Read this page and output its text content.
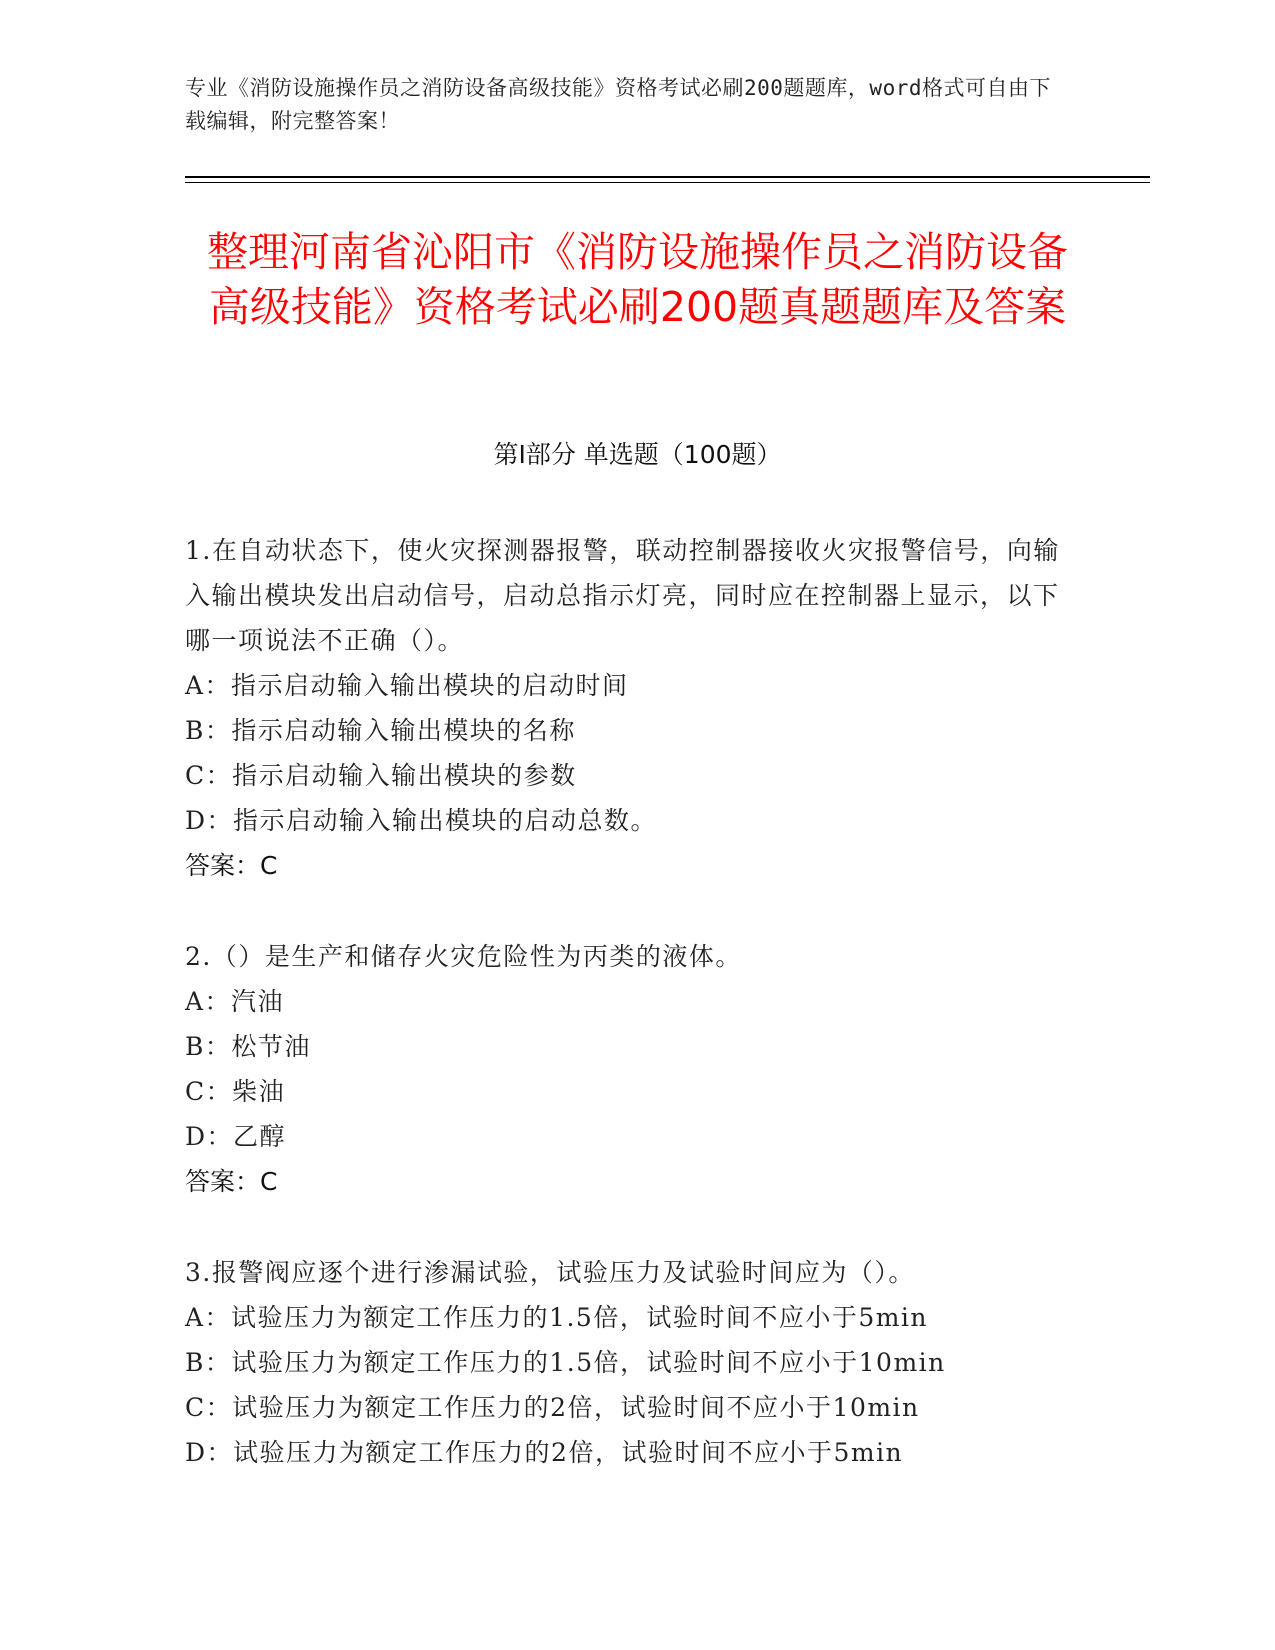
专业《消防设施操作员之消防设备高级技能》资格考试必刷200题题库，word格式可自由下载编辑，附完整答案！
整理河南省沁阳市《消防设施操作员之消防设备高级技能》资格考试必刷200题真题题库及答案
第Ⅰ部分 单选题（100题）

1.在自动状态下，使火灾探测器报警，联动控制器接收火灾报警信号，向输入输出模块发出启动信号，启动总指示灯亮，同时应在控制器上显示，以下哪一项说法不正确（）。

A：指示启动输入输出模块的启动时间

B：指示启动输入输出模块的名称

C：指示启动输入输出模块的参数

D：指示启动输入输出模块的启动总数。

答案：C

2.（）是生产和储存火灾危险性为丙类的液体。

A：汽油

B：松节油

C：柴油

D：乙醇

答案：C

3.报警阀应逐个进行渗漏试验，试验压力及试验时间应为（）。

A：试验压力为额定工作压力的1.5倍，试验时间不应小于5min

B：试验压力为额定工作压力的1.5倍，试验时间不应小于10min

C：试验压力为额定工作压力的2倍，试验时间不应小于10min

D：试验压力为额定工作压力的2倍，试验时间不应小于5min
